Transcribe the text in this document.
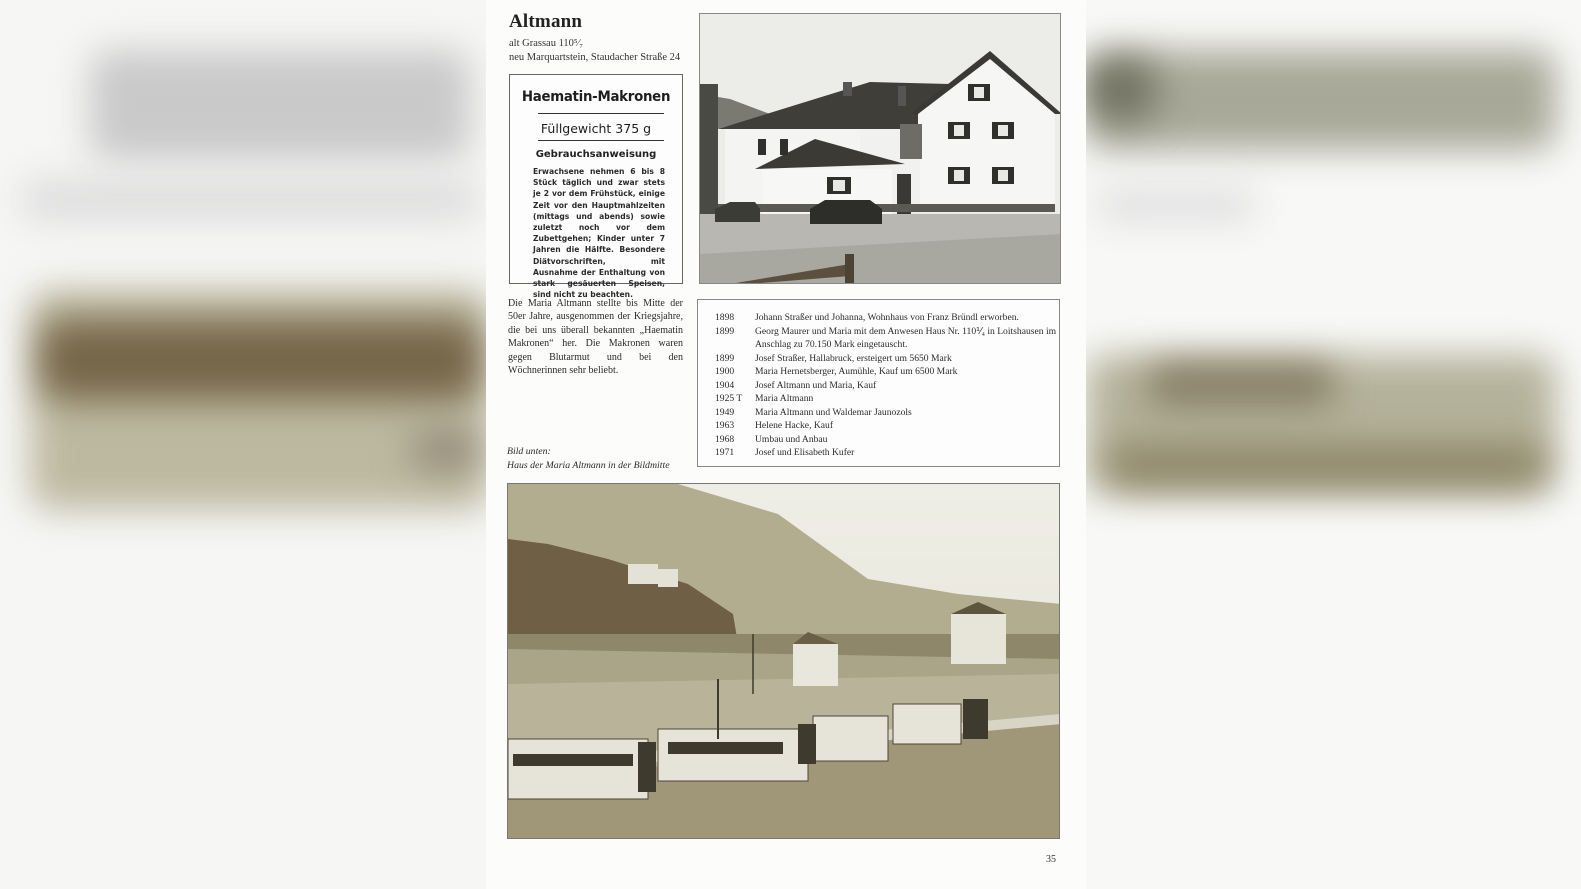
Altmann
alt Grassau 110⁵⁄₇
neu Marquartstein, Staudacher Straße 24
Haematin-Makronen
Füllgewicht 375 g
Gebrauchsanweisung
Erwachsene nehmen 6 bis 8 Stück täglich und zwar stets je 2 vor dem Frühstück, einige Zeit vor den Hauptmahlzeiten (mittags und abends) sowie zuletzt noch vor dem Zubettgehen; Kinder unter 7 Jahren die Hälfte. Besondere Diätvorschriften, mit Ausnahme der Enthaltung von stark gesäuerten Speisen, sind nicht zu beachten.
Die Maria Altmann stellte bis Mitte der 50er Jahre, ausgenommen der Kriegsjahre, die bei uns überall bekannten „Haematin Makronen“ her. Die Makronen waren gegen Blutarmut und bei den Wöchnerinnen sehr beliebt.
1898	Johann Straßer und Johanna, Wohnhaus von Franz Bründl erworben.
1899	Georg Maurer und Maria mit dem Anwesen Haus Nr. 110⅟₄ in Loitshausen im Anschlag zu 70.150 Mark eingetauscht.
1899	Josef Straßer, Hallabruck, ersteigert um 5650 Mark
1900	Maria Hernetsberger, Aumühle, Kauf um 6500 Mark
1904	Josef Altmann und Maria, Kauf
1925 T	Maria Altmann
1949	Maria Altmann und Waldemar Jaunozols
1963	Helene Hacke, Kauf
1968	Umbau und Anbau
1971	Josef und Elisabeth Kufer
Bild unten:
Haus der Maria Altmann in der Bildmitte
35
